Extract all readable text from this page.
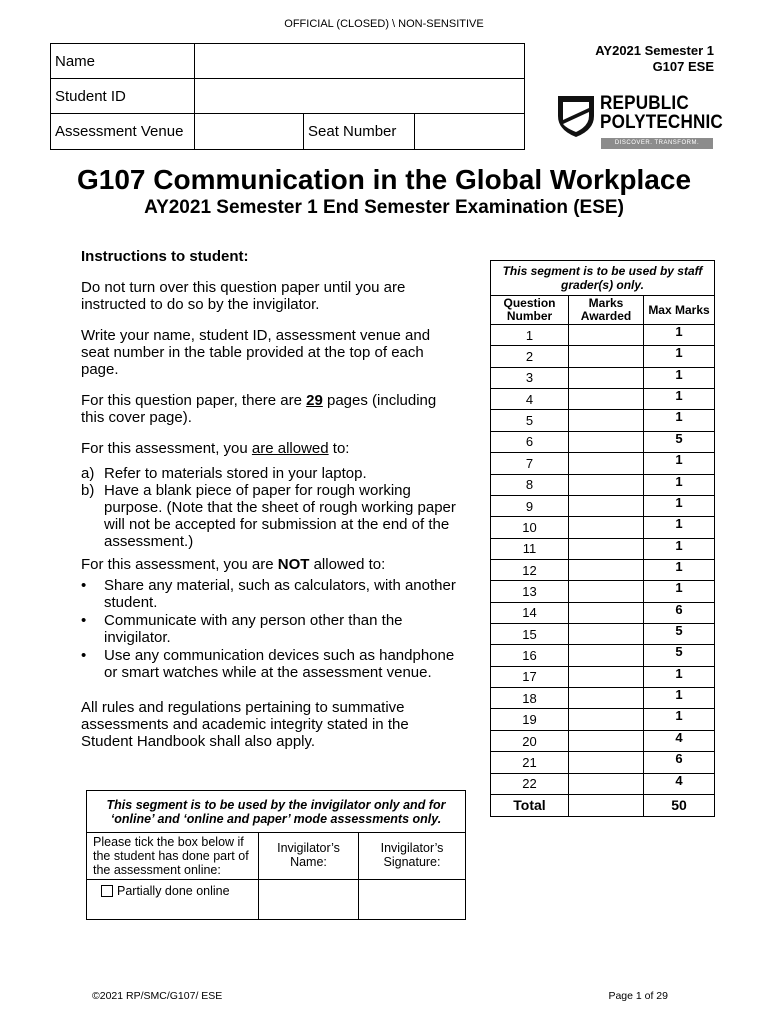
OFFICIAL (CLOSED) \ NON-SENSITIVE
Name	
Student ID	
Assessment Venue			Seat Number	
AY2021 Semester 1
G107 ESE
REPUBLIC
POLYTECHNIC
DISCOVER. TRANSFORM. ACHIEVE
G107 Communication in the Global Workplace
AY2021 Semester 1 End Semester Examination (ESE)
Instructions to student:

Do not turn over this question paper until you are instructed to do so by the invigilator.

Write your name, student ID, assessment venue and seat number in the table provided at the top of each page.

For this question paper, there are 29 pages (including this cover page).

For this assessment, you are allowed to:

a) Refer to materials stored in your laptop.
b) Have a blank piece of paper for rough working purpose. (Note that the sheet of rough working paper will not be accepted for submission at the end of the assessment.)

For this assessment, you are NOT allowed to:

• Share any material, such as calculators, with another student.
• Communicate with any person other than the invigilator.
• Use any communication devices such as handphone or smart watches while at the assessment venue.

All rules and regulations pertaining to summative assessments and academic integrity stated in the Student Handbook shall also apply.

This segment is to be used by staff grader(s) only.		
Question Number	Marks Awarded	Max Marks
1		1
2		1
3		1
4		1
5		1
6		5
7		1
8		1
9		1
10		1
11		1
12		1
13		1
14		6
15		5
16		5
17		1
18		1
19		1
20		4
21		6
22		4
Total		50
This segment is to be used by the invigilator only and for ‘online’ and ‘online and paper’ mode assessments only.		
Please tick the box below if the student has done part of the assessment online:	Invigilator’s Name:	Invigilator’s Signature:
Partially done online		
©2021 RP/SMC/G107/ ESE	Page 1 of 29
